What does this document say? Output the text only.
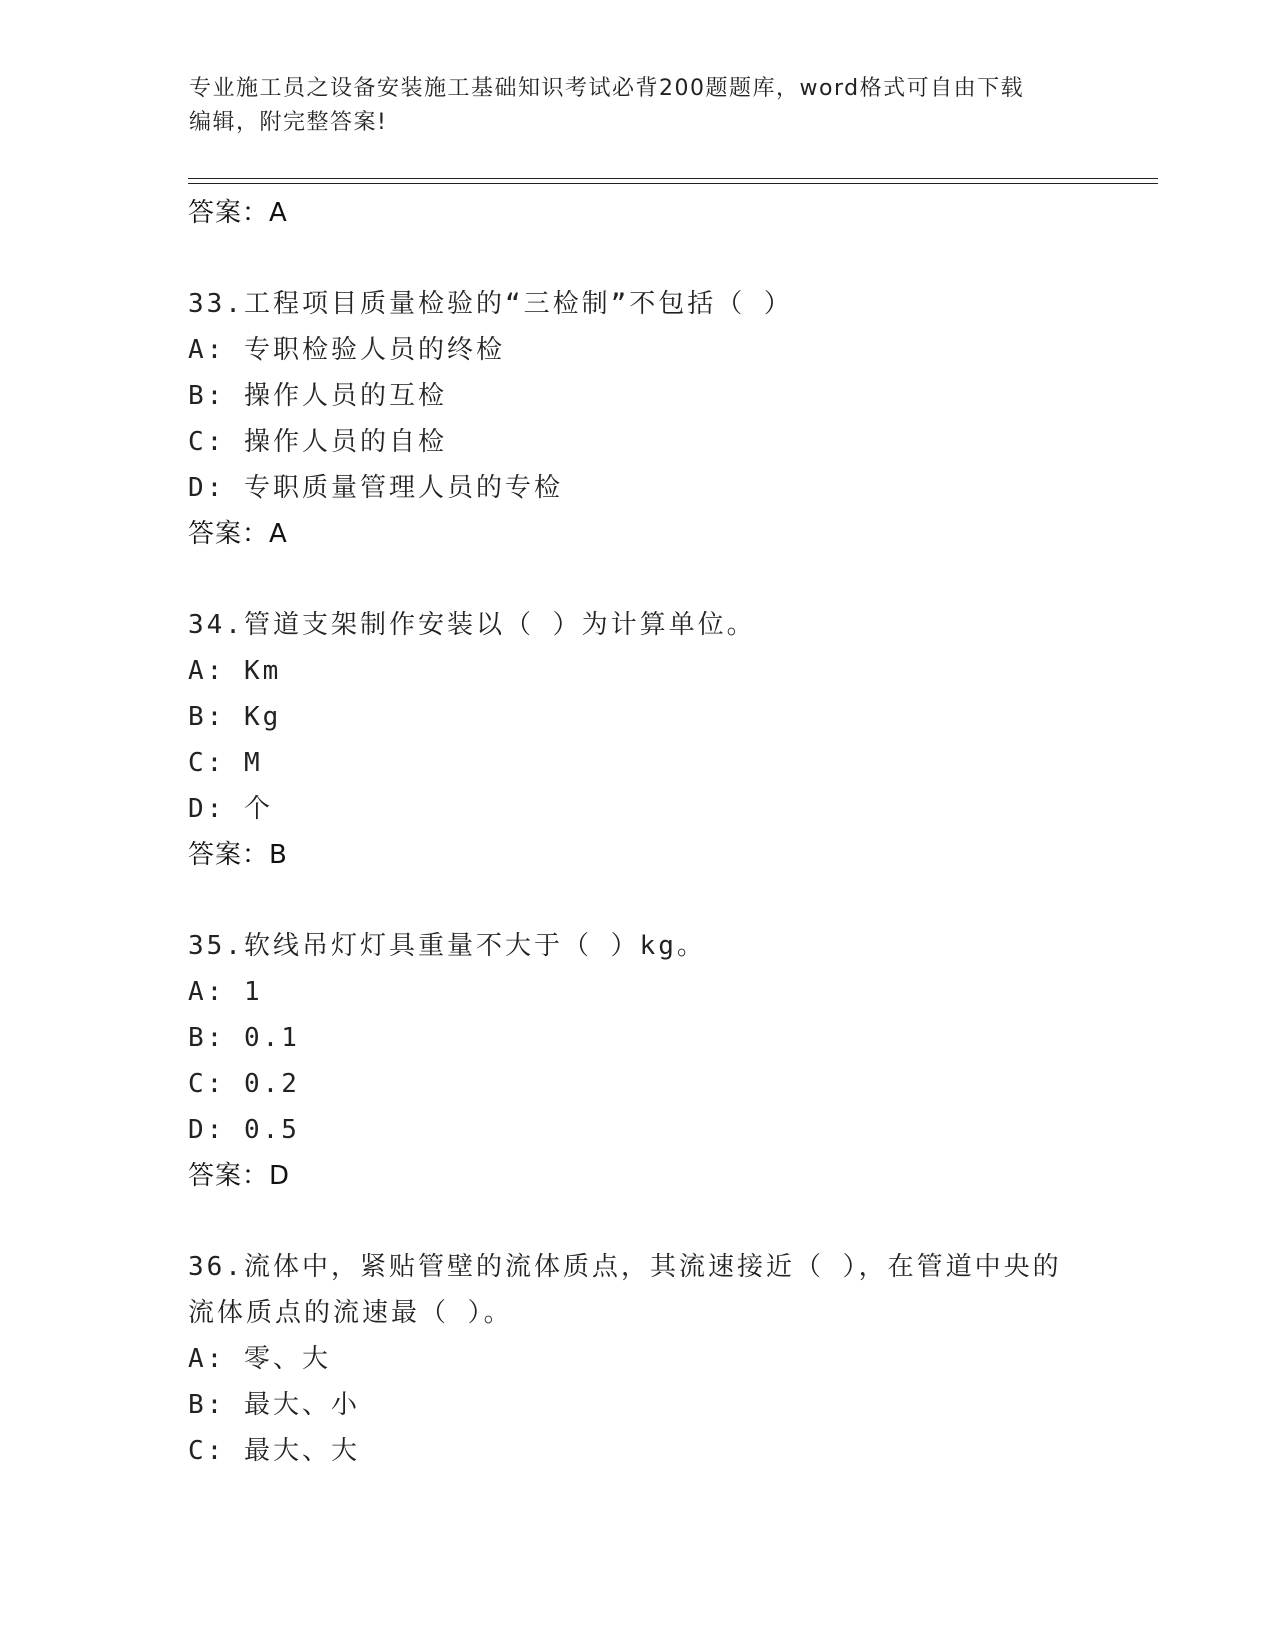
专业施工员之设备安装施工基础知识考试必背200题题库，word格式可自由下载
编辑，附完整答案!
答案：A
33.工程项目质量检验的“三检制”不包括（ ）
A: 专职检验人员的终检
B: 操作人员的互检
C: 操作人员的自检
D: 专职质量管理人员的专检
答案：A
34.管道支架制作安装以（ ）为计算单位。
A: Km
B: Kg
C: M
D: 个
答案：B
35.软线吊灯灯具重量不大于（ ）kg。
A: 1
B: 0.1
C: 0.2
D: 0.5
答案：D
36.流体中，紧贴管壁的流体质点，其流速接近（ ），在管道中央的
流体质点的流速最（ ）。
A: 零、大
B: 最大、小
C: 最大、大
